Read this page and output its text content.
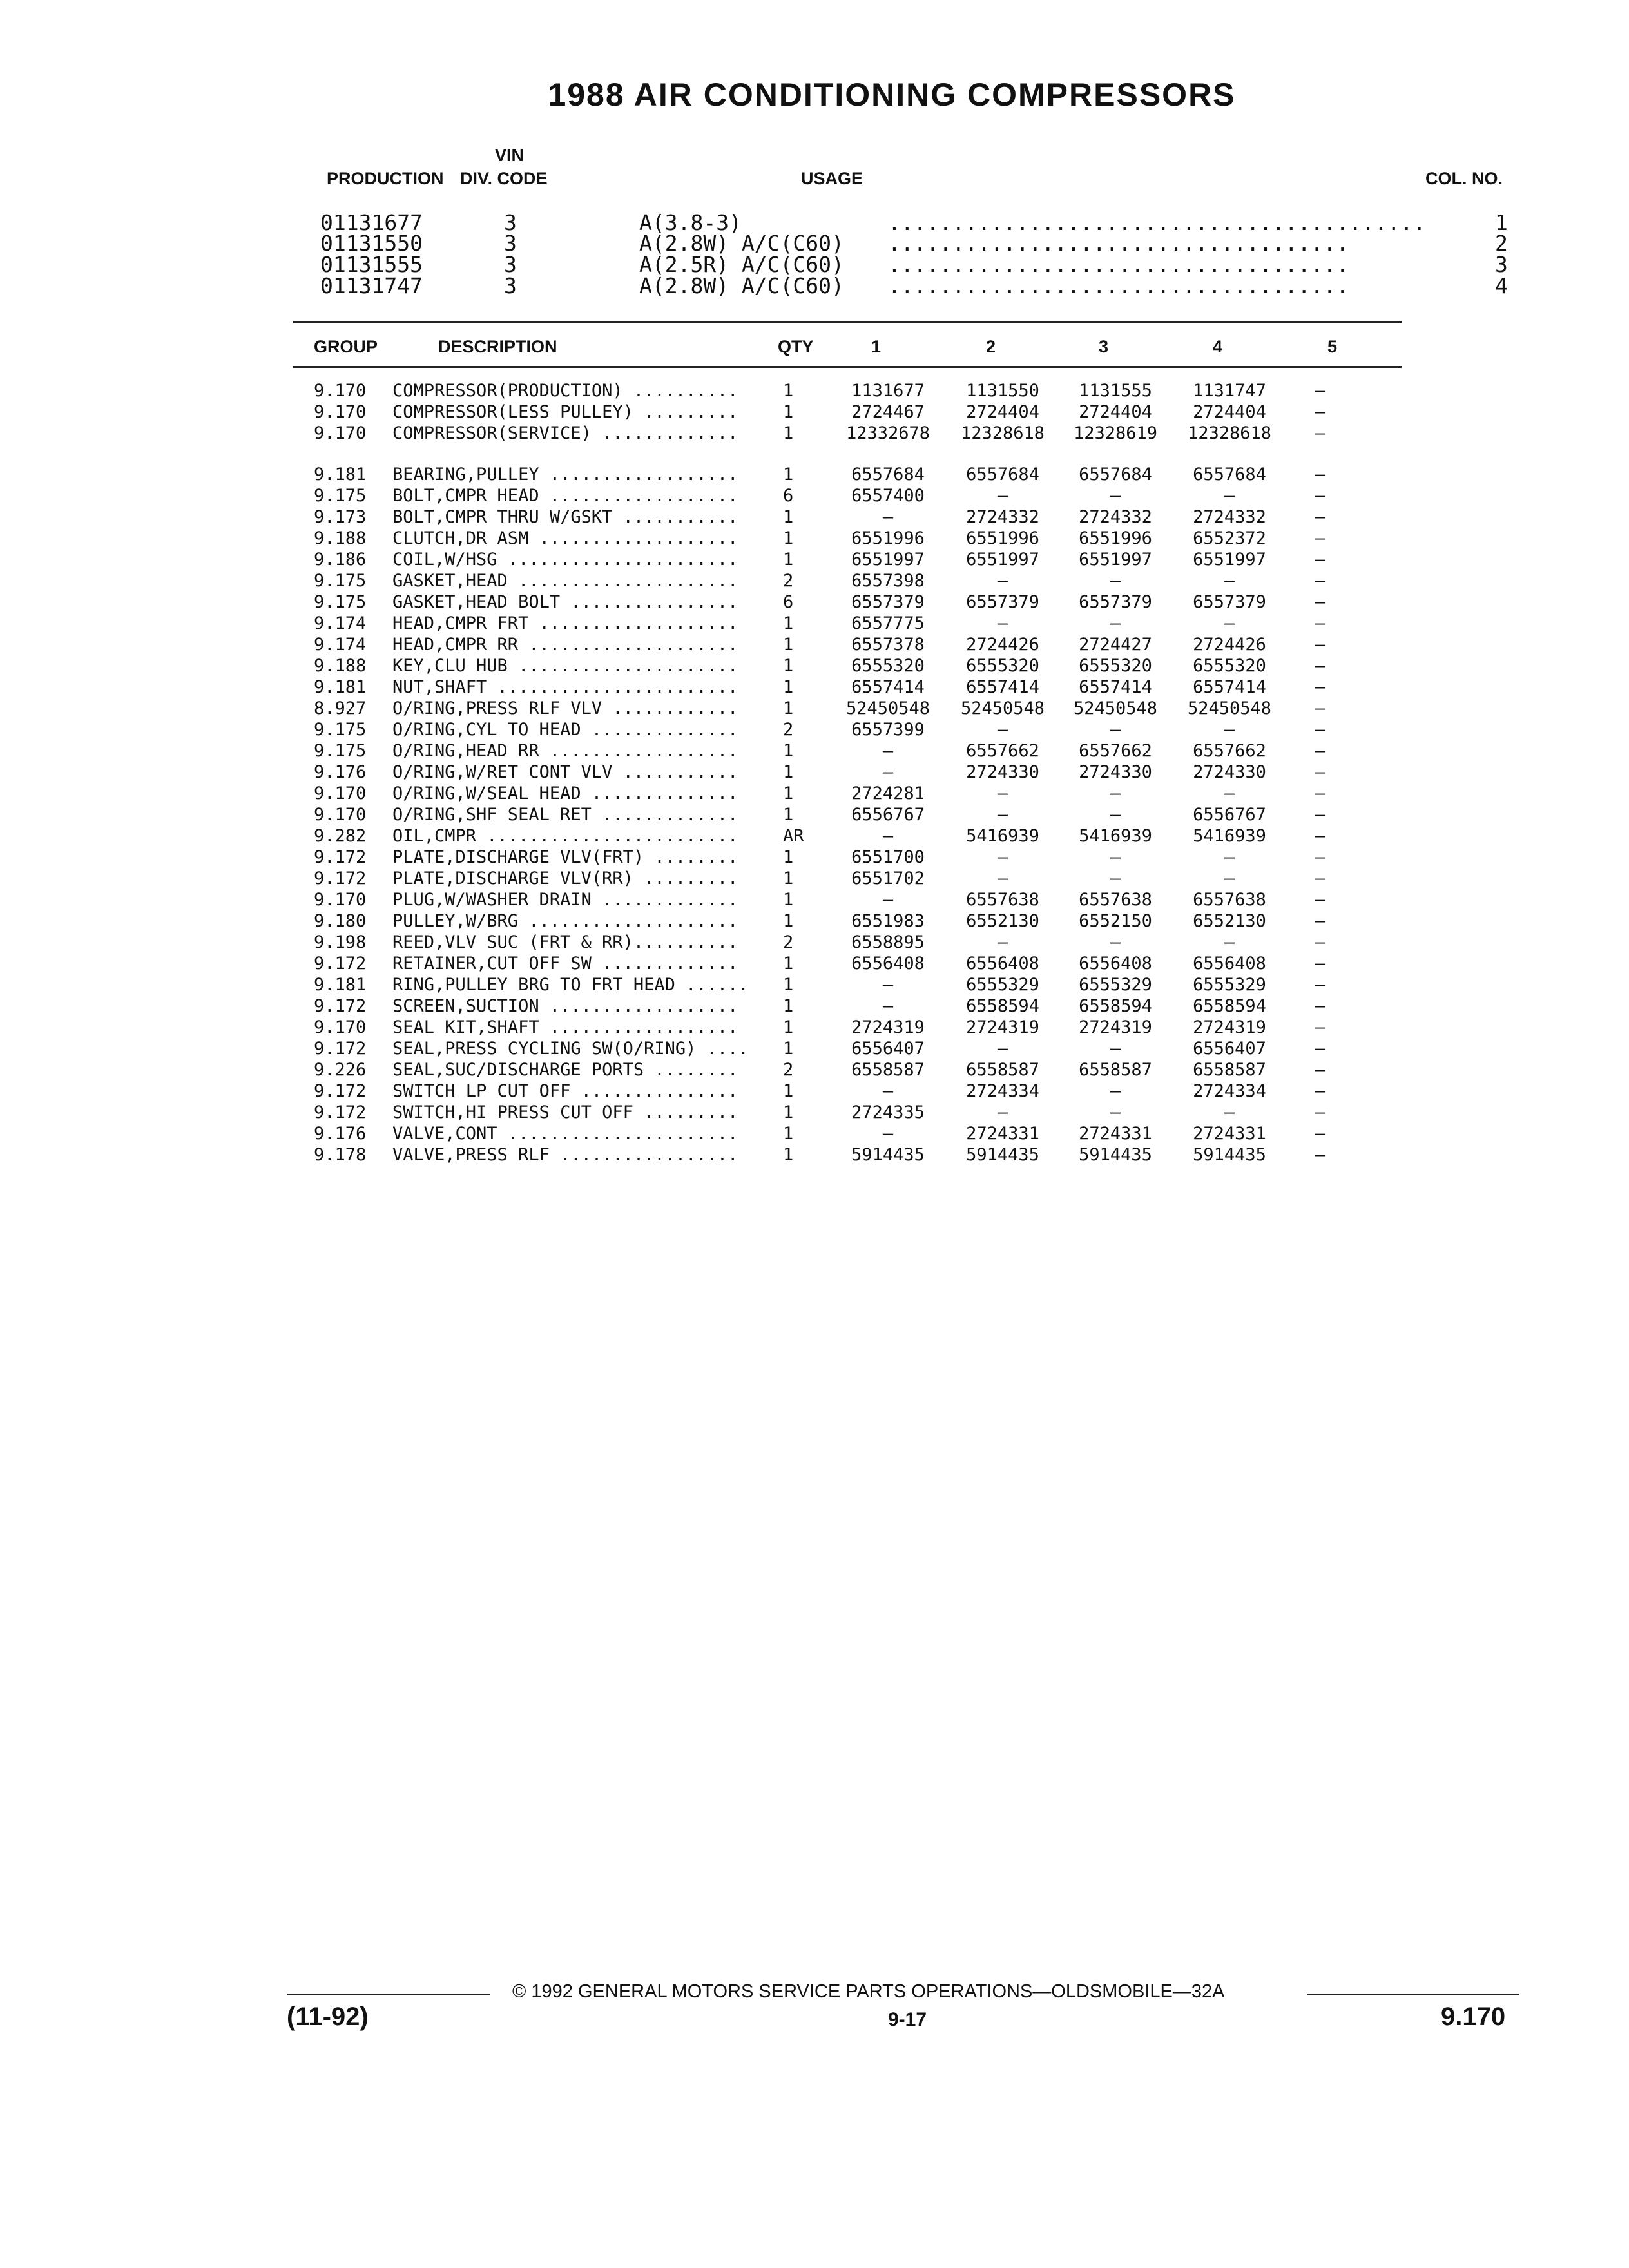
1988 AIR CONDITIONING COMPRESSORS
VIN
PRODUCTION DIV. CODE	USAGE	COL. NO.
01131677	3	A(3.8-3)	..........................................	1
01131550	3	A(2.8W) A/C(C60) ....................................	2
01131555	3	A(2.5R) A/C(C60) ....................................	3
01131747	3	A(2.8W) A/C(C60) ....................................	4
GROUP	DESCRIPTION	QTY	1	2	3	4	5
9.170 COMPRESSOR(PRODUCTION) ..........	1	1131677	1131550	1131555	1131747	—
9.170 COMPRESSOR(LESS PULLEY) .........	1	2724467	2724404	2724404	2724404	—
9.170 COMPRESSOR(SERVICE) .............	1	12332678	12328618	12328619	12328618	—
9.181 BEARING,PULLEY ..................	1	6557684	6557684	6557684	6557684	—
9.175 BOLT,CMPR HEAD ..................	6	6557400	—	—	—	—
9.173 BOLT,CMPR THRU W/GSKT ...........	1	—	2724332	2724332	2724332	—
9.188 CLUTCH,DR ASM ...................	1	6551996	6551996	6551996	6552372	—
9.186 COIL,W/HSG ......................	1	6551997	6551997	6551997	6551997	—
9.175 GASKET,HEAD .....................	2	6557398	—	—	—	—
9.175 GASKET,HEAD BOLT ................	6	6557379	6557379	6557379	6557379	—
9.174 HEAD,CMPR FRT ...................	1	6557775	—	—	—	—
9.174 HEAD,CMPR RR ....................	1	6557378	2724426	2724427	2724426	—
9.188 KEY,CLU HUB .....................	1	6555320	6555320	6555320	6555320	—
9.181 NUT,SHAFT .......................	1	6557414	6557414	6557414	6557414	—
8.927 O/RING,PRESS RLF VLV ............	1	52450548	52450548	52450548	52450548	—
9.175 O/RING,CYL TO HEAD ..............	2	6557399	—	—	—	—
9.175 O/RING,HEAD RR ..................	1	—	6557662	6557662	6557662	—
9.176 O/RING,W/RET CONT VLV ...........	1	—	2724330	2724330	2724330	—
9.170 O/RING,W/SEAL HEAD ..............	1	2724281	—	—	—	—
9.170 O/RING,SHF SEAL RET .............	1	6556767	—	—	6556767	—
9.282 OIL,CMPR ........................	AR	—	5416939	5416939	5416939	—
9.172 PLATE,DISCHARGE VLV(FRT) ........	1	6551700	—	—	—	—
9.172 PLATE,DISCHARGE VLV(RR) .........	1	6551702	—	—	—	—
9.170 PLUG,W/WASHER DRAIN .............	1	—	6557638	6557638	6557638	—
9.180 PULLEY,W/BRG ....................	1	6551983	6552130	6552150	6552130	—
9.198 REED,VLV SUC (FRT & RR)..........	2	6558895	—	—	—	—
9.172 RETAINER,CUT OFF SW .............	1	6556408	6556408	6556408	6556408	—
9.181 RING,PULLEY BRG TO FRT HEAD ......	1	—	6555329	6555329	6555329	—
9.172 SCREEN,SUCTION ..................	1	—	6558594	6558594	6558594	—
9.170 SEAL KIT,SHAFT ..................	1	2724319	2724319	2724319	2724319	—
9.172 SEAL,PRESS CYCLING SW(O/RING) ....	1	6556407	—	—	6556407	—
9.226 SEAL,SUC/DISCHARGE PORTS ........	2	6558587	6558587	6558587	6558587	—
9.172 SWITCH LP CUT OFF ...............	1	—	2724334	—	2724334	—
9.172 SWITCH,HI PRESS CUT OFF .........	1	2724335	—	—	—	—
9.176 VALVE,CONT ......................	1	—	2724331	2724331	2724331	—
9.178 VALVE,PRESS RLF .................	1	5914435	5914435	5914435	5914435	—
© 1992 GENERAL MOTORS SERVICE PARTS OPERATIONS—OLDSMOBILE—32A
(11-92)	9-17	9.170
